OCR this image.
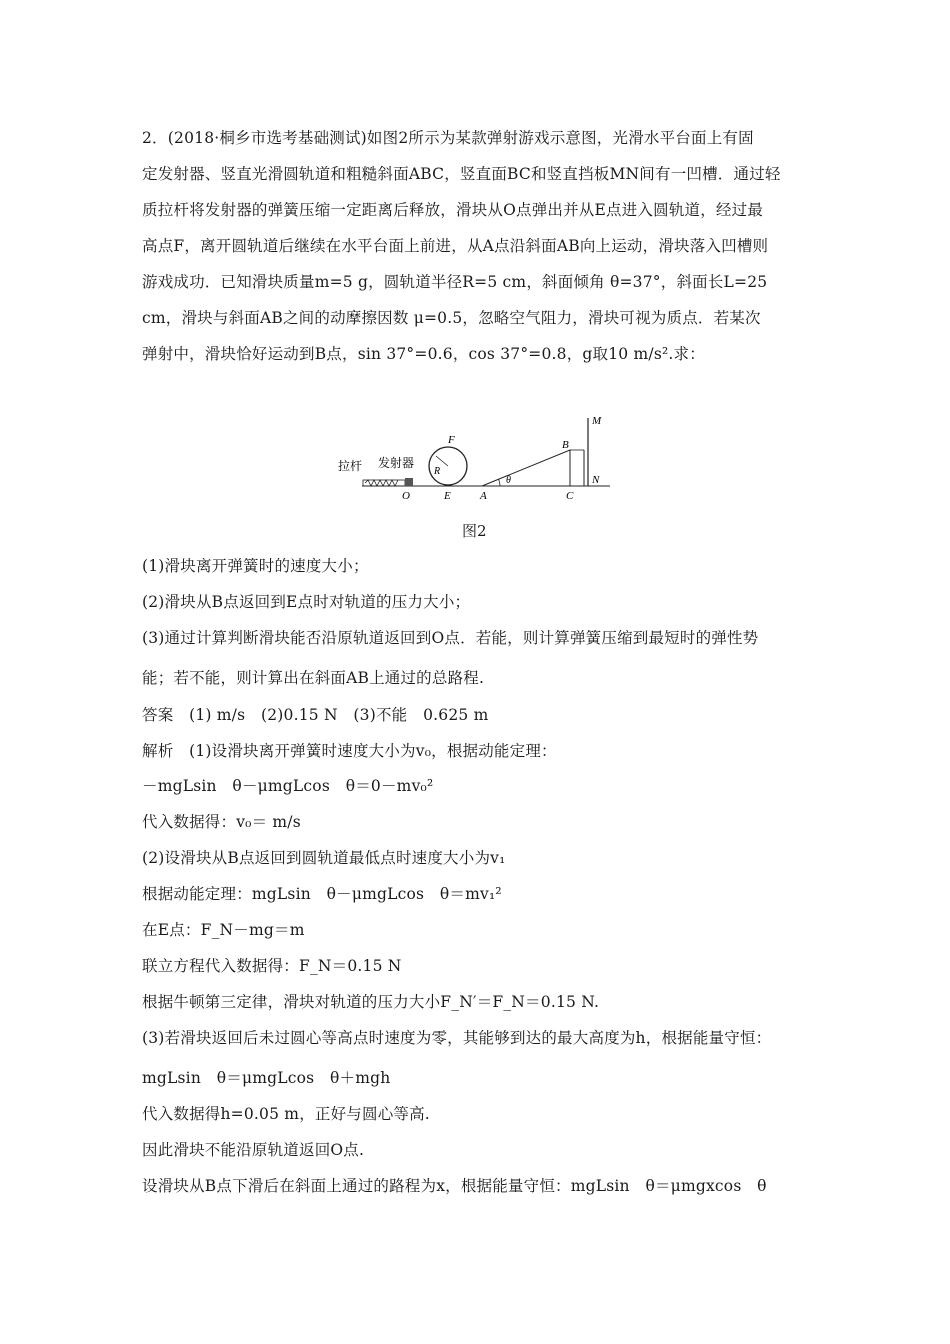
2．(2018·桐乡市选考基础测试)如图2所示为某款弹射游戏示意图，光滑水平台面上有固
定发射器、竖直光滑圆轨道和粗糙斜面ABC，竖直面BC和竖直挡板MN间有一凹槽．通过轻
质拉杆将发射器的弹簧压缩一定距离后释放，滑块从O点弹出并从E点进入圆轨道，经过最
高点F，离开圆轨道后继续在水平台面上前进，从A点沿斜面AB向上运动，滑块落入凹槽则
游戏成功．已知滑块质量m=5 g，圆轨道半径R=5 cm，斜面倾角 θ=37°，斜面长L=25
cm，滑块与斜面AB之间的动摩擦因数 μ=0.5，忽略空气阻力，滑块可视为质点．若某次
弹射中，滑块恰好运动到B点，sin 37°=0.6，cos 37°=0.8，g取10 m/s².求：
拉杆 发射器
O	E
F
R
A
θ
B
C
M
N
图2
(1)滑块离开弹簧时的速度大小；
(2)滑块从B点返回到E点时对轨道的压力大小；
(3)通过计算判断滑块能否沿原轨道返回到O点．若能，则计算弹簧压缩到最短时的弹性势
能；若不能，则计算出在斜面AB上通过的总路程.
答案　(1) m/s　(2)0.15 N　(3)不能　0.625 m
解析　(1)设滑块离开弹簧时速度大小为v₀，根据动能定理：
－mgLsin　θ－μmgLcos　θ＝0－mv₀²
代入数据得：v₀＝ m/s
(2)设滑块从B点返回到圆轨道最低点时速度大小为v₁
根据动能定理：mgLsin　θ－μmgLcos　θ＝mv₁²
在E点：F_N－mg＝m
联立方程代入数据得：F_N＝0.15 N
根据牛顿第三定律，滑块对轨道的压力大小F_N′＝F_N＝0.15 N.
(3)若滑块返回后未过圆心等高点时速度为零，其能够到达的最大高度为h，根据能量守恒：
mgLsin　θ＝μmgLcos　θ＋mgh
代入数据得h=0.05 m，正好与圆心等高.
因此滑块不能沿原轨道返回O点.
设滑块从B点下滑后在斜面上通过的路程为x，根据能量守恒：mgLsin　θ＝μmgxcos　θ
